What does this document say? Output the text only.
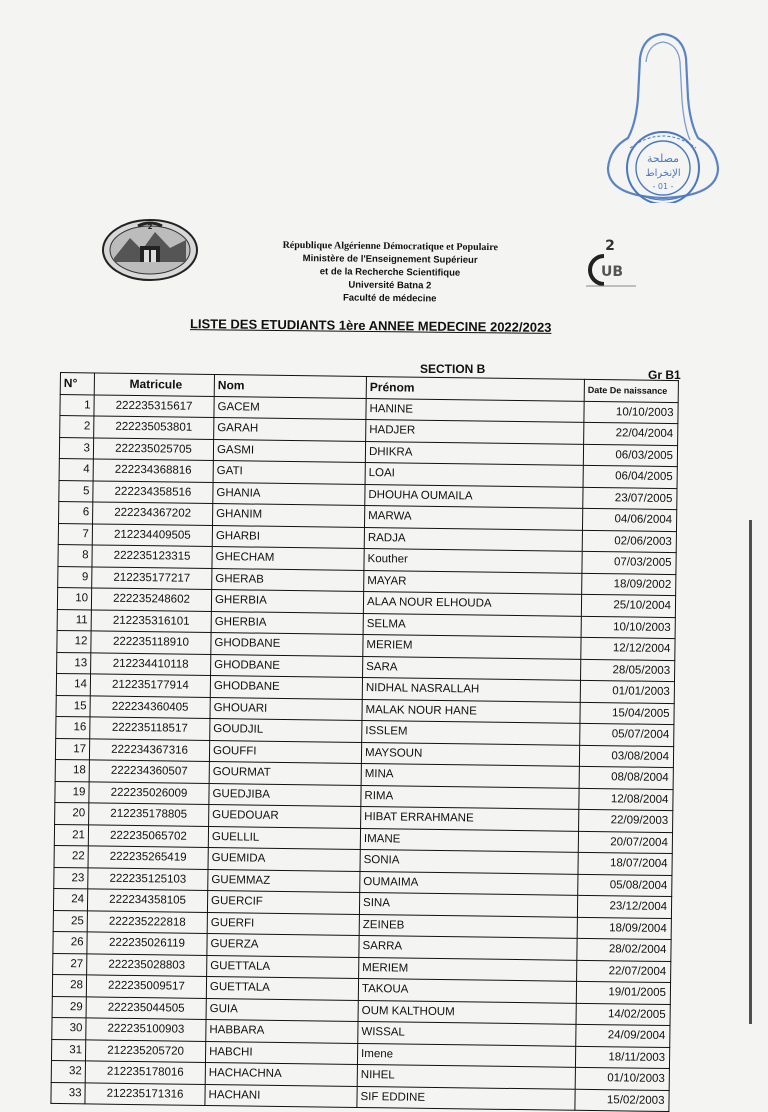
مصلحة
الإنخراط
- 01 -
2
2
UB
République Algérienne Démocratique et Populaire
Ministère de l'Enseignement Supérieur
et de la Recherche Scientifique
Université Batna 2
Faculté de médecine
LISTE DES ETUDIANTS 1ère ANNEE MEDECINE 2022/2023
SECTION B	Gr B1
N°	Matricule	Nom	Prénom	Date De naissance
1	222235315617	GACEM	HANINE	10/10/2003
2	222235053801	GARAH	HADJER	22/04/2004
3	222235025705	GASMI	DHIKRA	06/03/2005
4	222234368816	GATI	LOAI	06/04/2005
5	222234358516	GHANIA	DHOUHA OUMAILA	23/07/2005
6	222234367202	GHANIM	MARWA	04/06/2004
7	212234409505	GHARBI	RADJA	02/06/2003
8	222235123315	GHECHAM	Kouther	07/03/2005
9	212235177217	GHERAB	MAYAR	18/09/2002
10	222235248602	GHERBIA	ALAA NOUR ELHOUDA	25/10/2004
11	212235316101	GHERBIA	SELMA	10/10/2003
12	222235118910	GHODBANE	MERIEM	12/12/2004
13	212234410118	GHODBANE	SARA	28/05/2003
14	212235177914	GHODBANE	NIDHAL NASRALLAH	01/01/2003
15	222234360405	GHOUARI	MALAK NOUR HANE	15/04/2005
16	222235118517	GOUDJIL	ISSLEM	05/07/2004
17	222234367316	GOUFFI	MAYSOUN	03/08/2004
18	222234360507	GOURMAT	MINA	08/08/2004
19	222235026009	GUEDJIBA	RIMA	12/08/2004
20	212235178805	GUEDOUAR	HIBAT ERRAHMANE	22/09/2003
21	222235065702	GUELLIL	IMANE	20/07/2004
22	222235265419	GUEMIDA	SONIA	18/07/2004
23	222235125103	GUEMMAZ	OUMAIMA	05/08/2004
24	222234358105	GUERCIF	SINA	23/12/2004
25	222235222818	GUERFI	ZEINEB	18/09/2004
26	222235026119	GUERZA	SARRA	28/02/2004
27	222235028803	GUETTALA	MERIEM	22/07/2004
28	222235009517	GUETTALA	TAKOUA	19/01/2005
29	222235044505	GUIA	OUM KALTHOUM	14/02/2005
30	222235100903	HABBARA	WISSAL	24/09/2004
31	212235205720	HABCHI	Imene	18/11/2003
32	212235178016	HACHACHNA	NIHEL	01/10/2003
33	212235171316	HACHANI	SIF EDDINE	15/02/2003
